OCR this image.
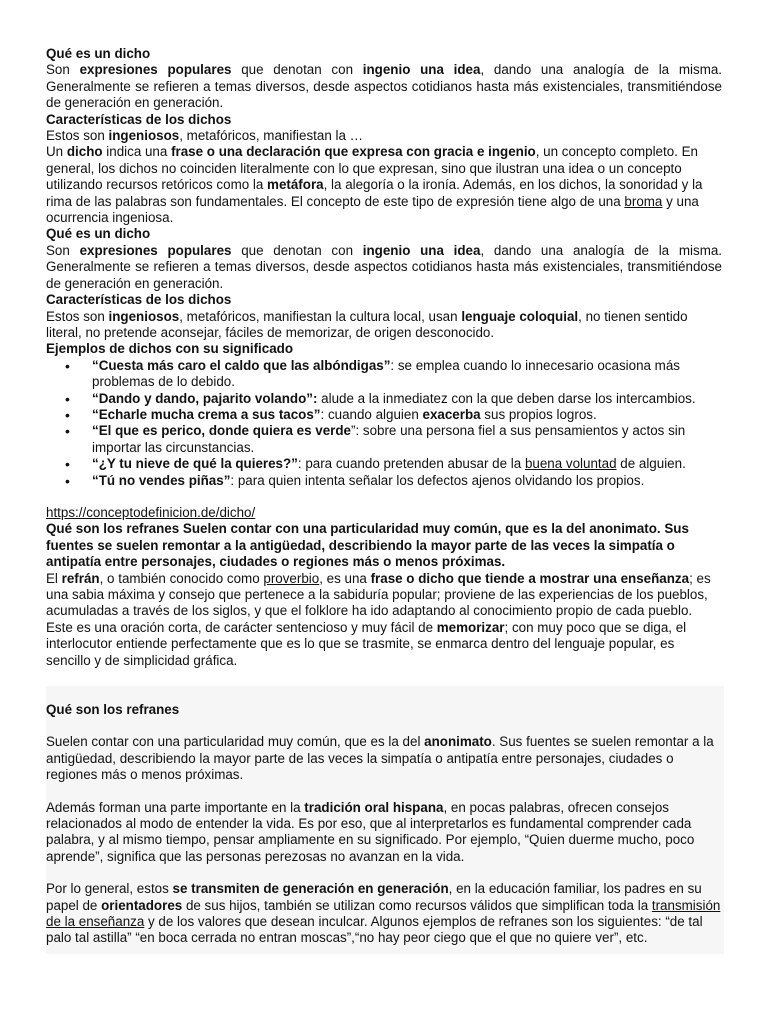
Qué es un dicho

Son expresiones populares que denotan con ingenio una idea, dando una analogía de la misma. Generalmente se refieren a temas diversos, desde aspectos cotidianos hasta más existenciales, transmitiéndose de generación en generación.

Características de los dichos

Estos son ingeniosos, metafóricos, manifiestan la …

Un dicho indica una frase o una declaración que expresa con gracia e ingenio, un concepto completo. En general, los dichos no coinciden literalmente con lo que expresan, sino que ilustran una idea o un concepto utilizando recursos retóricos como la metáfora, la alegoría o la ironía. Además, en los dichos, la sonoridad y la rima de las palabras son fundamentales. El concepto de este tipo de expresión tiene algo de una broma y una ocurrencia ingeniosa.

Qué es un dicho

Son expresiones populares que denotan con ingenio una idea, dando una analogía de la misma. Generalmente se refieren a temas diversos, desde aspectos cotidianos hasta más existenciales, transmitiéndose de generación en generación.

Características de los dichos

Estos son ingeniosos, metafóricos, manifiestan la cultura local, usan lenguaje coloquial, no tienen sentido literal, no pretende aconsejar, fáciles de memorizar, de origen desconocido.

Ejemplos de dichos con su significado

• “Cuesta más caro el caldo que las albóndigas”: se emplea cuando lo innecesario ocasiona más problemas de lo debido.
• “Dando y dando, pajarito volando”: alude a la inmediatez con la que deben darse los intercambios.
• “Echarle mucha crema a sus tacos”: cuando alguien exacerba sus propios logros.
• “El que es perico, donde quiera es verde”: sobre una persona fiel a sus pensamientos y actos sin importar las circunstancias.
• “¿Y tu nieve de qué la quieres?”: para cuando pretenden abusar de la buena voluntad de alguien.
• “Tú no vendes piñas”: para quien intenta señalar los defectos ajenos olvidando los propios.
https://conceptodefinicion.de/dicho/

Qué son los refranes Suelen contar con una particularidad muy común, que es la del anonimato. Sus fuentes se suelen remontar a la antigüedad, describiendo la mayor parte de las veces la simpatía o antipatía entre personajes, ciudades o regiones más o menos próximas.

El refrán, o también conocido como proverbio, es una frase o dicho que tiende a mostrar una enseñanza; es una sabia máxima y consejo que pertenece a la sabiduría popular; proviene de las experiencias de los pueblos, acumuladas a través de los siglos, y que el folklore ha ido adaptando al conocimiento propio de cada pueblo. Este es una oración corta, de carácter sentencioso y muy fácil de memorizar; con muy poco que se diga, el interlocutor entiende perfectamente que es lo que se trasmite, se enmarca dentro del lenguaje popular, es sencillo y de simplicidad gráfica.

Qué son los refranes

Suelen contar con una particularidad muy común, que es la del anonimato. Sus fuentes se suelen remontar a la antigüedad, describiendo la mayor parte de las veces la simpatía o antipatía entre personajes, ciudades o regiones más o menos próximas.

Además forman una parte importante en la tradición oral hispana, en pocas palabras, ofrecen consejos relacionados al modo de entender la vida. Es por eso, que al interpretarlos es fundamental comprender cada palabra, y al mismo tiempo, pensar ampliamente en su significado. Por ejemplo, “Quien duerme mucho, poco aprende”, significa que las personas perezosas no avanzan en la vida.

Por lo general, estos se transmiten de generación en generación, en la educación familiar, los padres en su papel de orientadores de sus hijos, también se utilizan como recursos válidos que simplifican toda la transmisión de la enseñanza y de los valores que desean inculcar. Algunos ejemplos de refranes son los siguientes: “de tal palo tal astilla” “en boca cerrada no entran moscas”,“no hay peor ciego que el que no quiere ver”, etc.
